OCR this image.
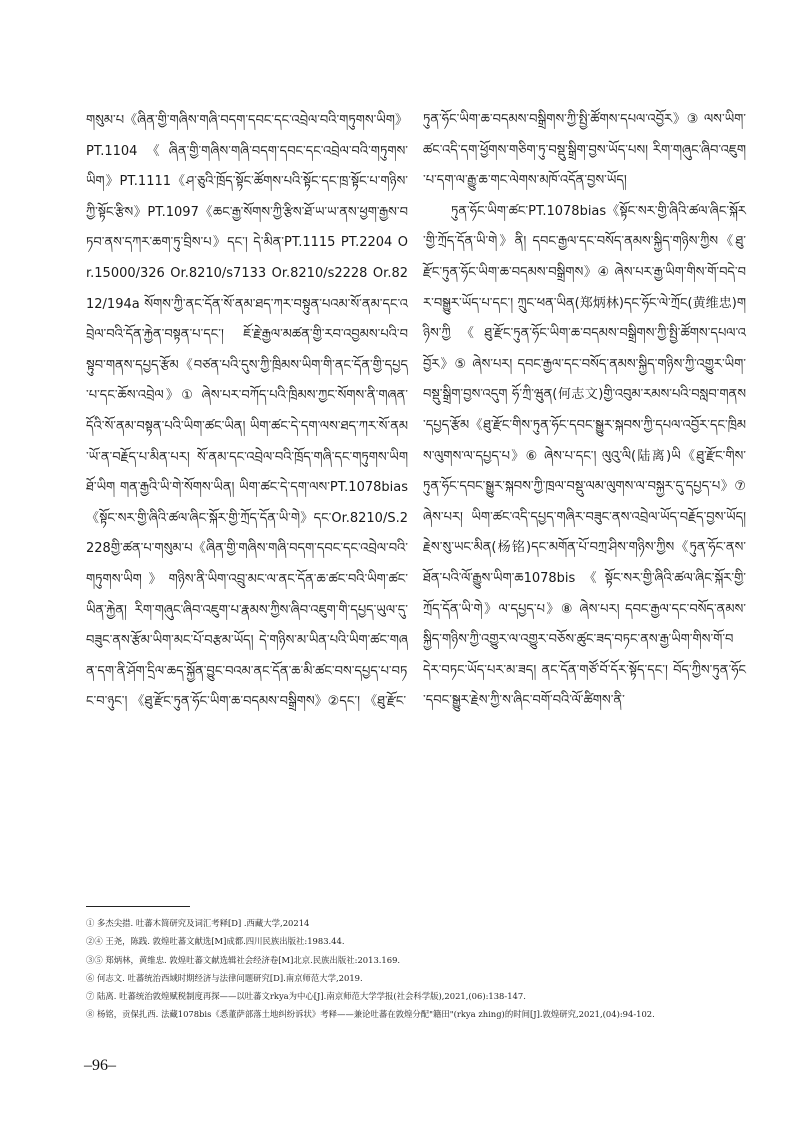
གསུམ་པ《ཞིན་གྱི་གཞིས་གཞི་བདག་དབང་དང་འབྲེལ་བའི་གཏུགས་ཡིག》PT.1104《ཞིན་གྱི་གཞིས་གཞི་བདག་དབང་དང་འབྲེལ་བའི་གཏུགས་ཡིག》PT.1111《ཤ་ཅུའི་ཁྲོད་སྟོང་ཚོགས་པའི་སྟོང་དང་ཁྲ་སྟོང་པ་གཉིས་ཀྱི་སྟོང་རྩིས》PT.1097《ཆང་རྒྱ་སོགས་ཀྱི་རྩིས་ཐོ་ཡ་ཡ་ནས་ཕྱག་རྒྱས་བཏབ་ནས་དཀར་ཆག་ཏུ་བྲིས་པ》དང་། དེ་མིན་PT.1115 PT.2204 Or.15000/326 Or.8210/s7133 Or.8210/s2228 Or.8212/194a སོགས་ཀྱི་ནང་དོན་སོ་ནམ་ཐད་ཀར་བསྟུན་པའམ་སོ་ནམ་དང་འབྲེལ་བའི་དོན་རྐྱེན་བསྟན་པ་དང་། ཇོ་རྗེ་རྒྱལ་མཚན་གྱི་རབ་འབྱམས་པའི་བསྟུབ་གནས་དཔྱད་རྩོམ《བཙན་པའི་དུས་ཀྱི་ཁྲིམས་ཡིག་གི་ནང་དོན་གྱི་དཔྱད་པ་དང་ཆོས་འབྲེལ》① ཞེས་པར་བཀོད་པའི་ཁྲིམས་ཀྱང་སོགས་ནི་གཞན་དོའི་སོ་ནམ་བསྟན་པའི་ཡིག་ཚང་ཡིན། ཡིག་ཚང་དེ་དག་ལས་ཐད་ཀར་སོ་ནམ་ཡོ་ན་བརྗོད་པ་མིན་པར། སོ་ནམ་དང་འབྲེལ་བའི་ཁྲོད་གཞི་དང་གཏུགས་ཡིག ཐོ་ཡིག གན་རྒྱའི་ཡི་གེ་སོགས་ཡིན། ཡིག་ཚང་དེ་དག་ལས་PT.1078bias《སྟོང་སར་གྱི་ཞིའི་ཚལ་ཞིང་སྐོར་གྱི་ཀྲོད་དོན་ཡི་གེ》དང་Or.8210/S.2228གྱི་ཚན་པ་གསུམ་པ《ཞིན་གྱི་གཞིས་གཞི་བདག་དབང་དང་འབྲེལ་བའི་གཏུགས་ཡིག》གཉིས་ནི་ཡིག་འབྲུ་མང་ལ་ནང་དོན་ཆ་ཚང་བའི་ཡིག་ཚང་ཡིན་རྐྱེན། རིག་གཞུང་ཞིབ་འཇུག་པ་རྣམས་ཀྱིས་ཞིབ་འཇུག་གི་དཔྱད་ཡུལ་དུ་བཟུང་ནས་རྩོམ་ཡིག་མང་པོ་བརྩམ་ཡོད། དེ་གཉིས་མ་ཡིན་པའི་ཡིག་ཚང་གཞན་དག་ནི་ཤོག་དྲིལ་ཆད་སྐྱོན་བྱུང་བའམ་ནང་དོན་ཆ་མི་ཚང་བས་དཔྱད་པ་བཏང་བ་ཉུང་། 《ཐུ་རྫོང་ཏུན་ཧོང་ཡིག་ཆ་བདམས་བསྒྲིགས》②དང་། 《ཐུ་རྫོང་

ཏུན་ཧོང་ཡིག་ཆ་བདམས་བསྒྲིགས་ཀྱི་སྤྱི་ཚོགས་དཔལ་འབྱོར》③ ལས་ཡིག་ཚང་འདི་དག་ཕྱོགས་གཅིག་ཏུ་བསྡུ་སྒྲིག་བྱས་ཡོད་པས། རིག་གཞུང་ཞིབ་འཇུག་པ་དག་ལ་རྒྱུ་ཆ་གང་ལེགས་མཁོ་འདོན་བྱས་ཡོད།

ཏུན་ཧོང་ཡིག་ཚང་PT.1078bias《སྟོང་སར་གྱི་ཞིའི་ཚལ་ཞིང་སྐོར་གྱི་ཀྲོད་དོན་ཡི་གེ》ནི། དབང་རྒྱལ་དང་བསོད་ནམས་སྐྱིད་གཉིས་ཀྱིས《ཐུ་རྫོང་ཏུན་ཧོང་ཡིག་ཆ་བདམས་བསྒྲིགས》④ ཞེས་པར་རྒྱ་ཡིག་གིས་གོ་བདེ་བར་བསྒྱུར་ཡོད་པ་དང་། ཀྲུང་ཕན་ཡིན(郑炳林)དང་ཧོང་ལེ་ཀྲོང(黄维忠)གཉིས་ཀྱི《ཐུ་རྫོང་ཏུན་ཧོང་ཡིག་ཆ་བདམས་བསྒྲིགས་ཀྱི་སྤྱི་ཚོགས་དཔལ་འབྱོར》⑤ ཞེས་པར། དབང་རྒྱལ་དང་བསོད་ནམས་སྐྱིད་གཉིས་ཀྱི་འགྱུར་ཡིག་བསྡུ་སྒྲིག་བྱས་འདུག ཧོ་ཀྲི་ཝུན(何志文)གྱི་འབུམ་རམས་པའི་བསླབ་གནས་དཔྱད་རྩོམ《ཐུ་རྫོང་གིས་ཏུན་ཧོང་དབང་སྒྱུར་སྐབས་ཀྱི་དཔལ་འབྱོར་དང་ཁྲིམས་ལུགས་ལ་དཔྱད་པ》⑥ ཞེས་པ་དང་། ལུའུ་ལི(陆离)ཡི《ཐུ་རྫོང་གིས་ཏུན་ཧོང་དབང་སྒྱུར་སྐབས་ཀྱི་ཁྲལ་བསྡུ་ལམ་ལུགས་ལ་བསྐྱར་དུ་དཔྱད་པ》⑦ ཞེས་པར། ཡིག་ཚང་འདི་དཔྱད་གཞིར་བཟུང་ནས་འབྲེལ་ཡོད་བརྗོད་བྱས་ཡོད། རྗེས་སུ་ཡང་མིན(杨铭)དང་མགོན་པོ་བཀྲ་ཤིས་གཉིས་ཀྱིས《ཏུན་ཧོང་ནས་ཐོན་པའི་ལོ་རྒྱུས་ཡིག་ཆ1078bis《སྟོང་སར་གྱི་ཞིའི་ཚལ་ཞིང་སྐོར་གྱི་ཀྲོད་དོན་ཡི་གེ》ལ་དཔྱད་པ》⑧ ཞེས་པར། དབང་རྒྱལ་དང་བསོད་ནམས་སྐྱིད་གཉིས་ཀྱི་འགྱུར་ལ་འགྱུར་བཅོས་ཚུང་ཟད་བཏང་ནས་རྒྱ་ཡིག་གིས་གོ་བདེར་བཏང་ཡོད་པར་མ་ཟད། ནང་དོན་གཙོ་བོ་དོར་སྟོད་དང་། བོད་ཀྱིས་ཏུན་ཧོང་དབང་སྒྱུར་རྗེས་ཀྱི་ས་ཞིང་བགོ་བའི་ལོ་ཚིགས་ནི་

① 多杰尖措. 吐蕃木简研究及词汇考释[D] .西藏大学,20214
②④ 王尧，陈践. 敦煌吐蕃文献选[M]成都.四川民族出版社:1983.44.
③⑤ 郑炳林，黄维忠. 敦煌吐蕃文献选辑社会经济卷[M]北京.民族出版社:2013.169.
⑥ 何志文. 吐蕃统治西域时期经济与法律问题研究[D].南京师范大学,2019.
⑦ 陆离. 吐蕃统治敦煌赋税制度再探——以吐蕃文rkya为中心[J].南京师范大学学报(社会科学版),2021,(06):138-147.
⑧ 杨铭，贡保扎西. 法藏1078bis《悉董萨部落土地纠纷诉状》考释——兼论吐蕃在敦煌分配"籍田"(rkya zhing)的时间[J].敦煌研究,2021,(04):94-102.
–96–
